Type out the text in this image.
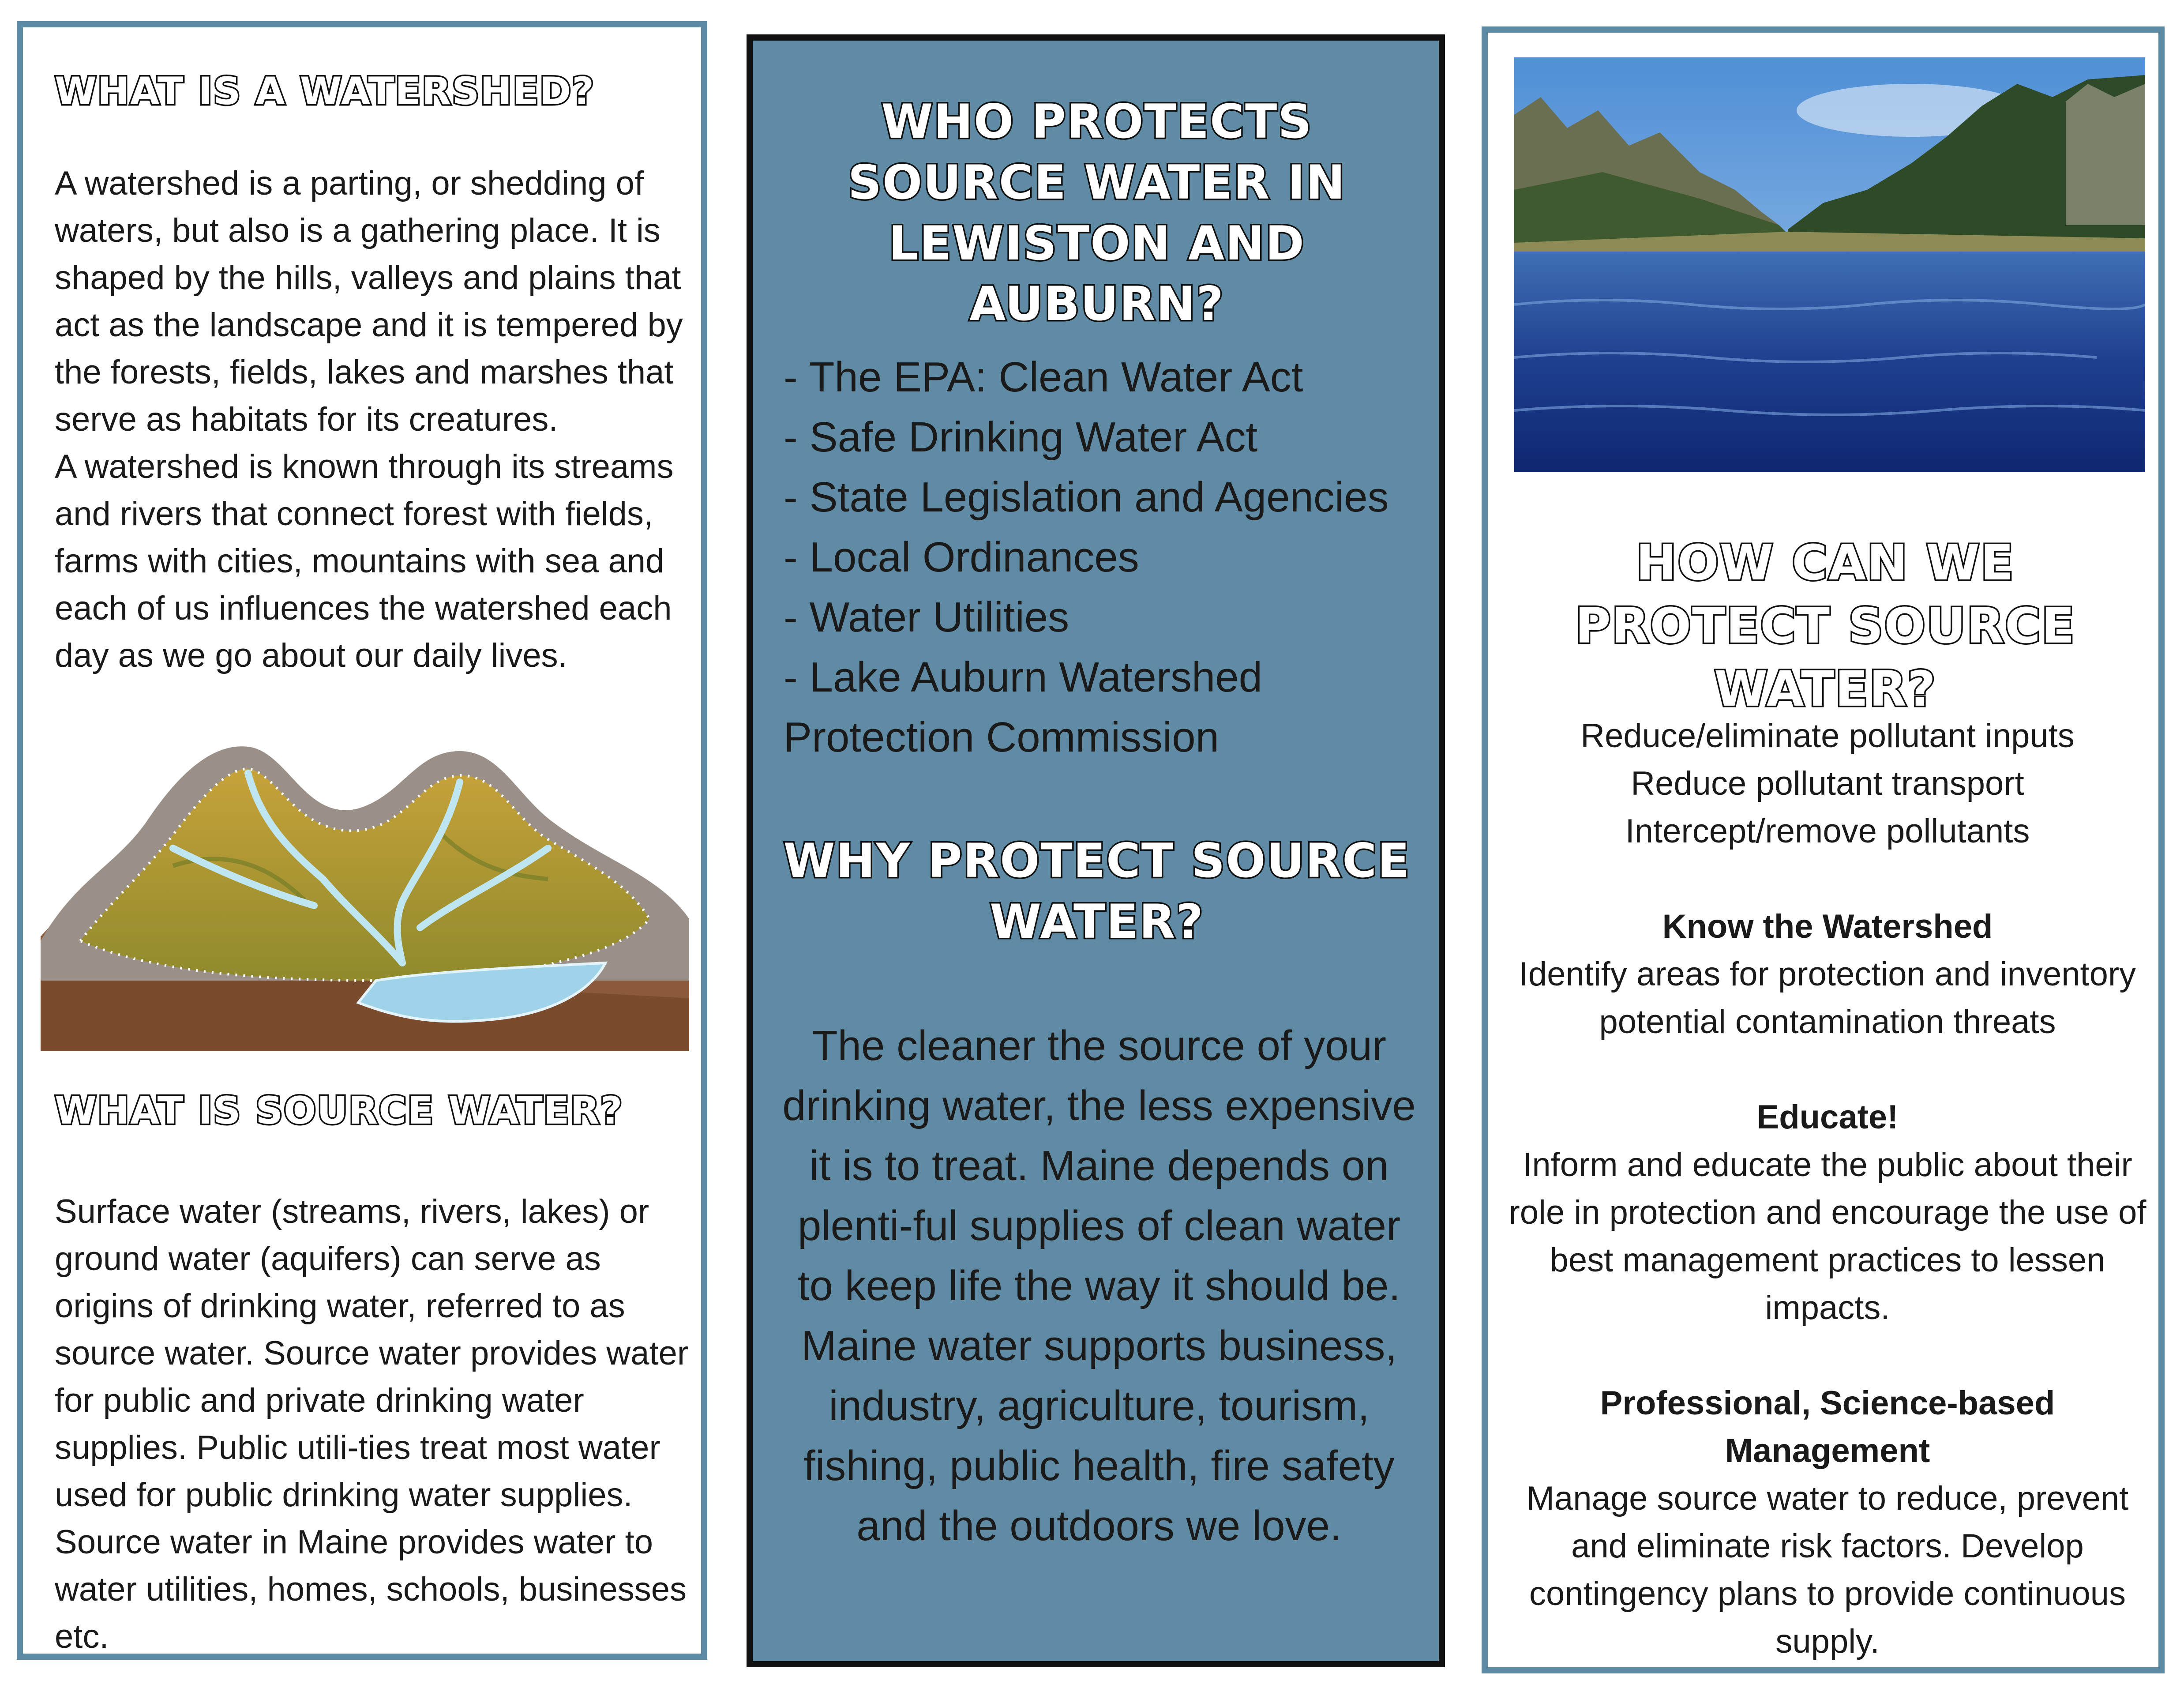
WHAT IS A WATERSHED?

A watershed is a parting, or shedding of waters, but also is a gathering place. It is shaped by the hills, valleys and plains that act as the landscape and it is tempered by the forests, fields, lakes and marshes that serve as habitats for its creatures.

A watershed is known through its streams and rivers that connect forest with fields, farms with cities, mountains with sea and each of us influences the watershed each day as we go about our daily lives.

WHAT IS SOURCE WATER?
Surface water (streams, rivers, lakes) or ground water (aquifers) can serve as origins of drinking water, referred to as source water. Source water provides water for public and private drinking water supplies. Public utili-ties treat most water used for public drinking water supplies. Source water in Maine provides water to water utilities, homes, schools, businesses etc.
WHO PROTECTS SOURCE WATER IN LEWISTON AND AUBURN?
- The EPA: Clean Water Act
- Safe Drinking Water Act
- State Legislation and Agencies
- Local Ordinances
- Water Utilities
- Lake Auburn Watershed Protection Commission
WHY PROTECT SOURCE WATER?
The cleaner the source of your drinking water, the less expensive it is to treat. Maine depends on plenti-ful supplies of clean water to keep life the way it should be. Maine water supports business, industry, agriculture, tourism, fishing, public health, fire safety and the outdoors we love.
HOW CAN WE PROTECT SOURCE WATER?
Reduce/eliminate pollutant inputs
Reduce pollutant transport
Intercept/remove pollutants
Know the Watershed
Identify areas for protection and inventory potential contamination threats
Educate!
Inform and educate the public about their role in protection and encourage the use of best management practices to lessen impacts.
Professional, Science-based Management
Manage source water to reduce, prevent and eliminate risk factors. Develop contingency plans to provide continuous supply.
